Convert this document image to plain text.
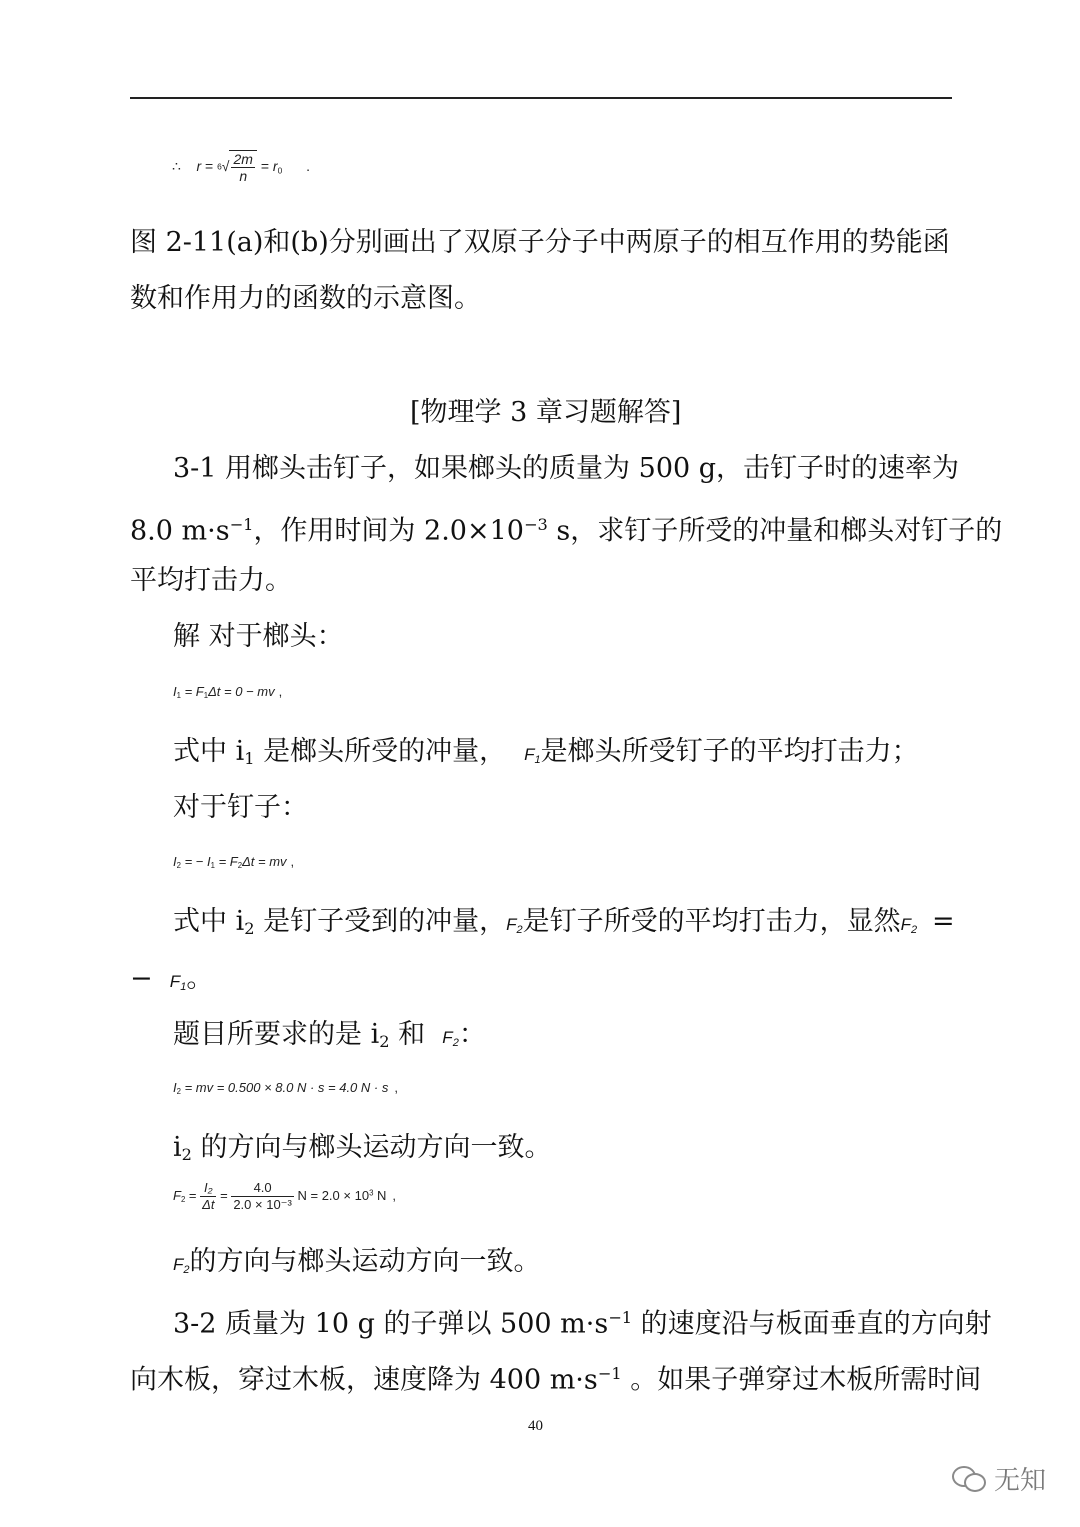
∴ $r = ^6√ \frac{2m}{n} = r_0$ .
图 2-11(a)和(b)分别画出了双原子分子中两原子的相互作用的势能函
数和作用力的函数的示意图。
[物理学 3 章习题解答]
3-1 用榔头击钉子，如果榔头的质量为 500 g，击钉子时的速率为
8.0 $m\cdot s^{-1}$，作用时间为 $2.0\times 10^{-3}$ s，求钉子所受的冲量和榔头对钉子的
平均打击力。
解 对于榔头：
$I_1 = F_1\Delta t = 0$ − mv ,
式中 $i_1$ 是榔头所受的冲量， $F_1$是榔头所受钉子的平均打击力；
对于钉子：
$I_2$ = − $I_1 = F_2\Delta t$ = mv ,
式中 $i_2$ 是钉子受到的冲量，$F_2$是钉子所受的平均打击力，显然$F_2$ =
− $F_1$。
题目所要求的是 $i_2$ 和 $F_2$：
$I_2$ = mv = 0.500 × 8.0 N · s = 4.0 N · s ,
$i_2$ 的方向与榔头运动方向一致。
$F_2 = \frac{\text{I₂}}{\Delta t} = \frac{4.0}{\text{2.0 × 10⁻³}}$ $N = 2.0 \times 10^3$ N ,
$F_2$的方向与榔头运动方向一致。
3-2 质量为 10 g 的子弹以 500 $m\cdot s^{-1}$ 的速度沿与板面垂直的方向射
向木板，穿过木板，速度降为 400 $m\cdot s^{-1}$ 。如果子弹穿过木板所需时间
40
无知
